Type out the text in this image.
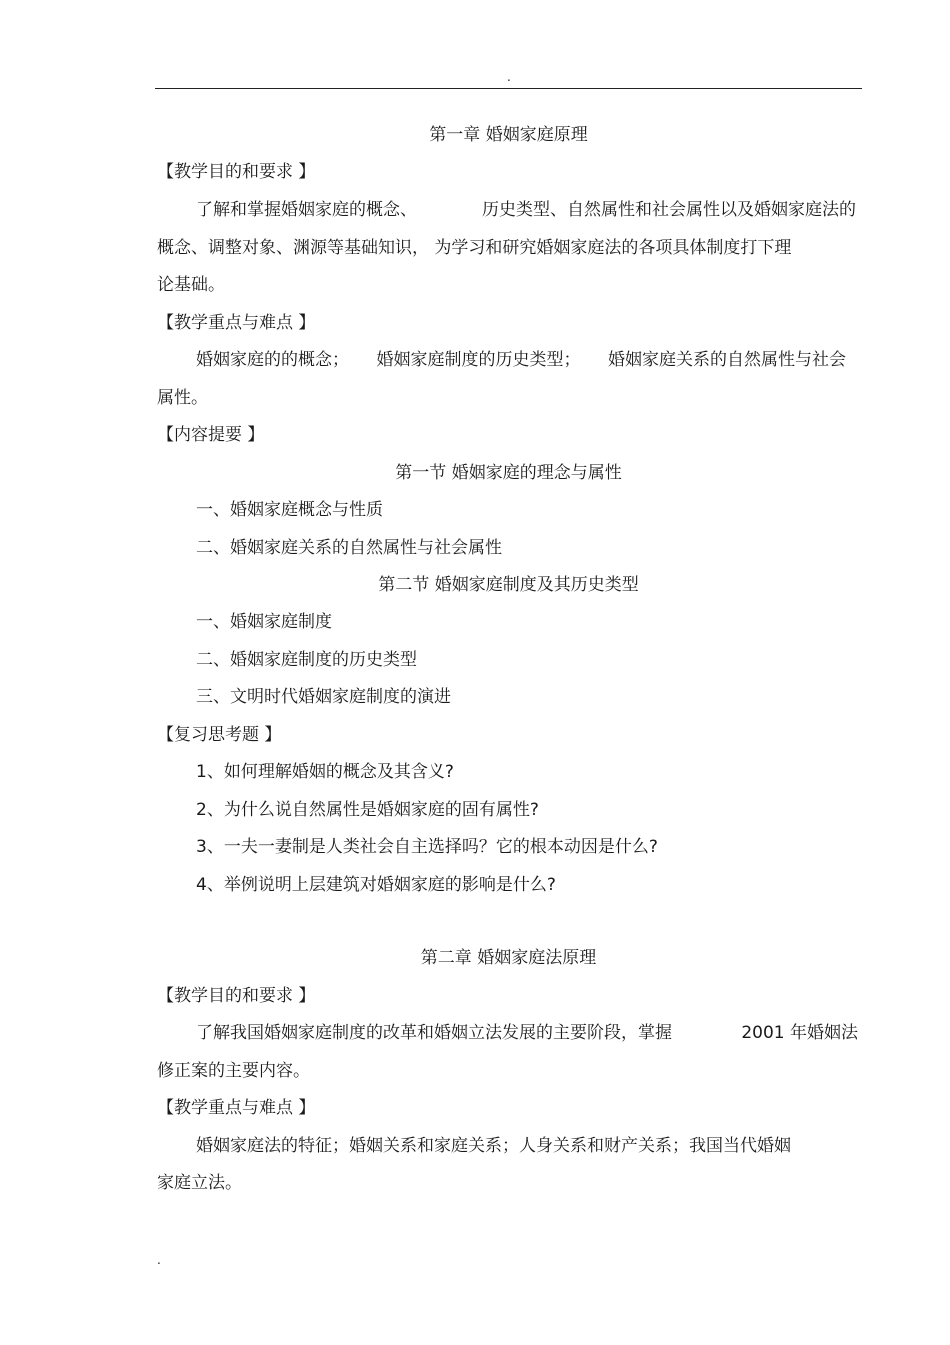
.
第一章 婚姻家庭原理
【教学目的和要求 】
了解和掌握婚姻家庭的概念、	历史类型、自然属性和社会属性以及婚姻家庭法的
概念、调整对象、渊源等基础知识， 为学习和研究婚姻家庭法的各项具体制度打下理
论基础。
【教学重点与难点 】
婚姻家庭的的概念； 婚姻家庭制度的历史类型； 婚姻家庭关系的自然属性与社会
属性。
【内容提要 】
第一节 婚姻家庭的理念与属性
一、婚姻家庭概念与性质
二、婚姻家庭关系的自然属性与社会属性
第二节 婚姻家庭制度及其历史类型
一、婚姻家庭制度
二、婚姻家庭制度的历史类型
三、文明时代婚姻家庭制度的演进
【复习思考题 】
1、如何理解婚姻的概念及其含义?
2、为什么说自然属性是婚姻家庭的固有属性?
3、一夫一妻制是人类社会自主选择吗？它的根本动因是什么?
4、举例说明上层建筑对婚姻家庭的影响是什么?
第二章 婚姻家庭法原理
【教学目的和要求 】
了解我国婚姻家庭制度的改革和婚姻立法发展的主要阶段，掌握	2001 年婚姻法
修正案的主要内容。
【教学重点与难点 】
婚姻家庭法的特征；婚姻关系和家庭关系；人身关系和财产关系；我国当代婚姻
家庭立法。
.
